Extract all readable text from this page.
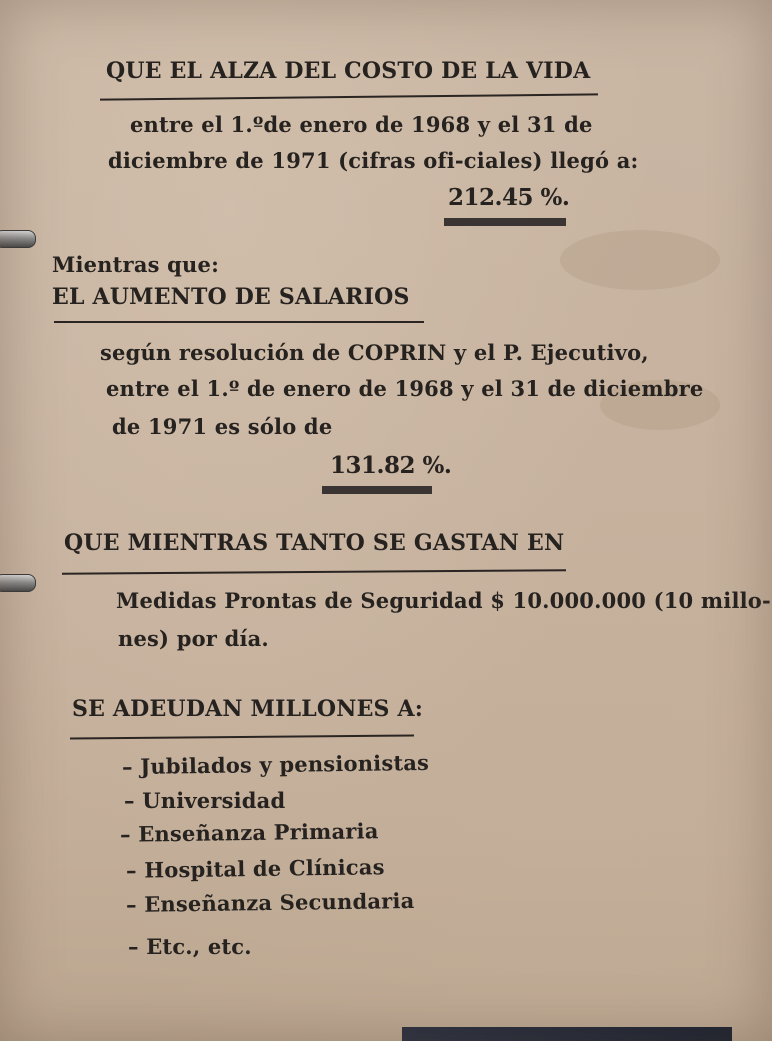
QUE EL ALZA DEL COSTO DE LA VIDA
entre el 1.ºde enero de 1968 y el 31 de
diciembre de 1971 (cifras ofi-ciales) llegó a:
212.45 %.
Mientras que:
EL AUMENTO DE SALARIOS
según resolución de COPRIN y el P. Ejecutivo,
entre el 1.º de enero de 1968 y el 31 de diciembre
de 1971 es sólo de
131.82 %.
QUE MIENTRAS TANTO SE GASTAN EN
Medidas Prontas de Seguridad $ 10.000.000 (10 millo-
nes) por día.
SE ADEUDAN MILLONES A:
– Jubilados y pensionistas
– Universidad
– Enseñanza Primaria
– Hospital de Clínicas
– Enseñanza Secundaria
– Etc., etc.
